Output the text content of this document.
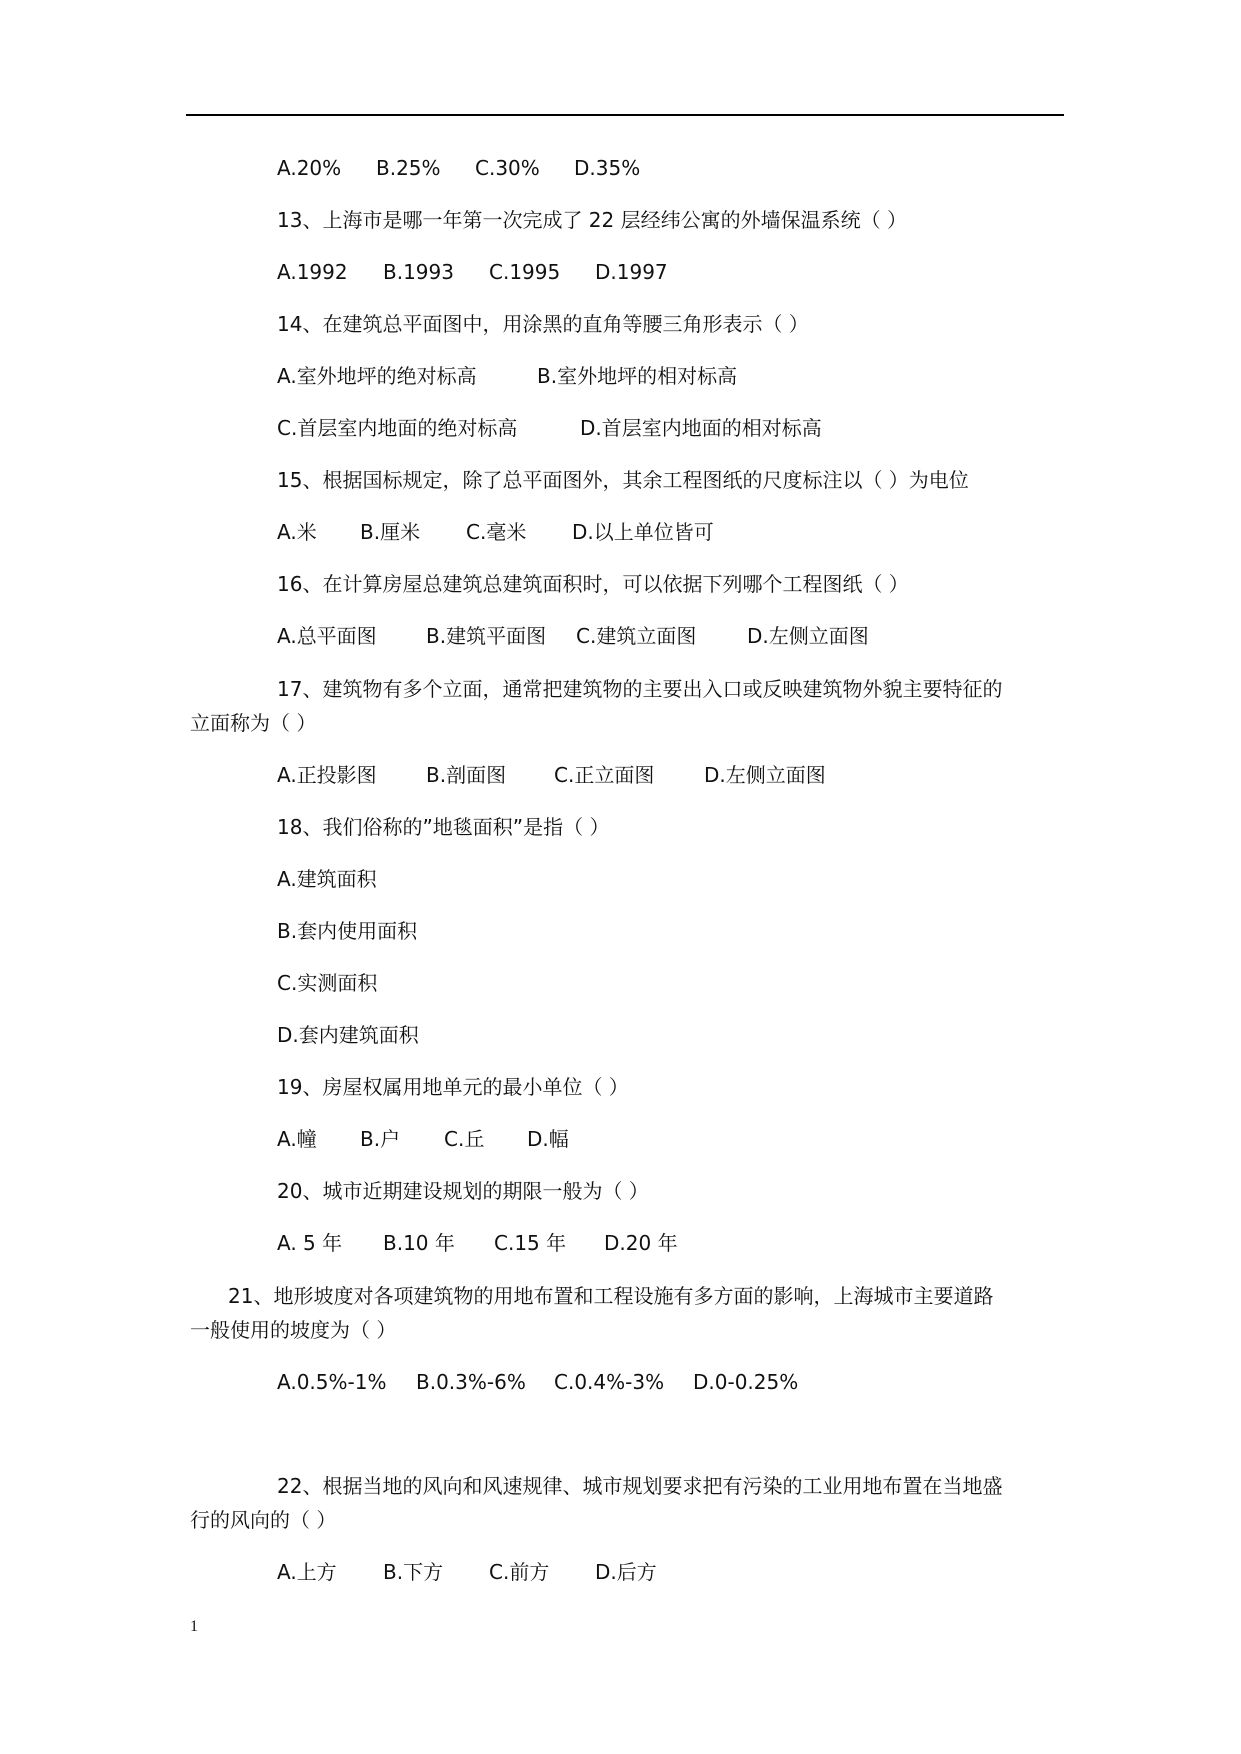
A.20% B.25% C.30% D.35%
13、上海市是哪一年第一次完成了 22 层经纬公寓的外墙保温系统（ ）
A.1992 B.1993 C.1995 D.1997
14、在建筑总平面图中，用涂黑的直角等腰三角形表示（ ）
A.室外地坪的绝对标高	B.室外地坪的相对标高
C.首层室内地面的绝对标高	D.首层室内地面的相对标高
15、根据国标规定，除了总平面图外，其余工程图纸的尺度标注以（ ）为电位
A.米 B.厘米 C.毫米 D.以上单位皆可
16、在计算房屋总建筑总建筑面积时，可以依据下列哪个工程图纸（ ）
A.总平面图 B.建筑平面图 C.建筑立面图	D.左侧立面图
17、建筑物有多个立面，通常把建筑物的主要出入口或反映建筑物外貌主要特征的
立面称为（ ）
A.正投影图 B.剖面图 C.正立面图 D.左侧立面图
18、我们俗称的”地毯面积”是指（ ）
A.建筑面积
B.套内使用面积
C.实测面积
D.套内建筑面积
19、房屋权属用地单元的最小单位（ ）
A.幢 B.户 C.丘 D.幅
20、城市近期建设规划的期限一般为（ ）
A. 5 年 B.10 年 C.15 年 D.20 年
21、地形坡度对各项建筑物的用地布置和工程设施有多方面的影响，上海城市主要道路
一般使用的坡度为（ ）
A.0.5%-1% B.0.3%-6% C.0.4%-3% D.0-0.25%
22、根据当地的风向和风速规律、城市规划要求把有污染的工业用地布置在当地盛
行的风向的（ ）
A.上方 B.下方 C.前方 D.后方
1
